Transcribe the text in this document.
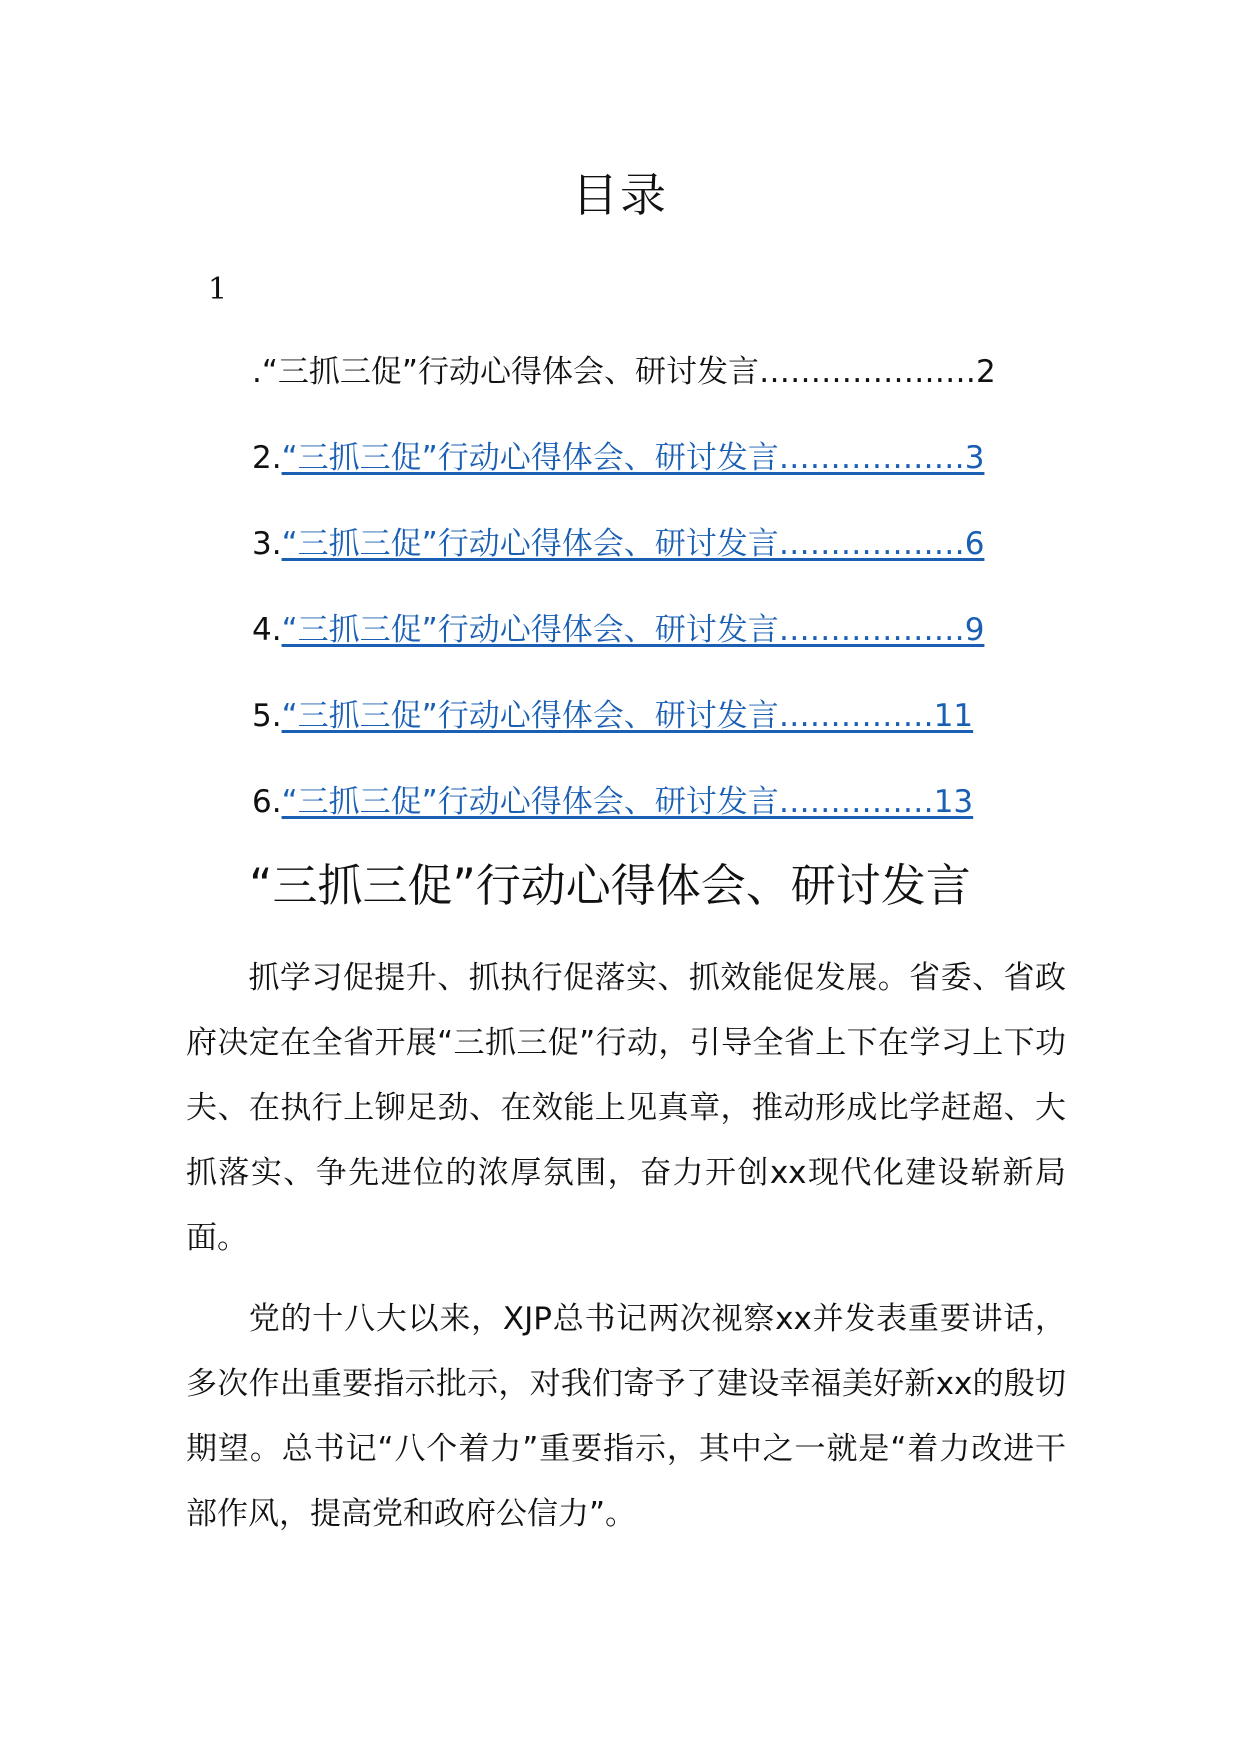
目录
1
.“三抓三促”行动心得体会、研讨发言…………………2
2.“三抓三促”行动心得体会、研讨发言………………3
3.“三抓三促”行动心得体会、研讨发言………………6
4.“三抓三促”行动心得体会、研讨发言………………9
5.“三抓三促”行动心得体会、研讨发言……………11
6.“三抓三促”行动心得体会、研讨发言……………13
“三抓三促”行动心得体会、研讨发言

抓学习促提升、抓执行促落实、抓效能促发展。省委、省政府决定在全省开展“三抓三促”行动，引导全省上下在学习上下功夫、在执行上铆足劲、在效能上见真章，推动形成比学赶超、大抓落实、争先进位的浓厚氛围，奋力开创xx现代化建设崭新局面。

党的十八大以来，XJP总书记两次视察xx并发表重要讲话，多次作出重要指示批示，对我们寄予了建设幸福美好新xx的殷切期望。总书记“八个着力”重要指示，其中之一就是“着力改进干部作风，提高党和政府公信力”。
